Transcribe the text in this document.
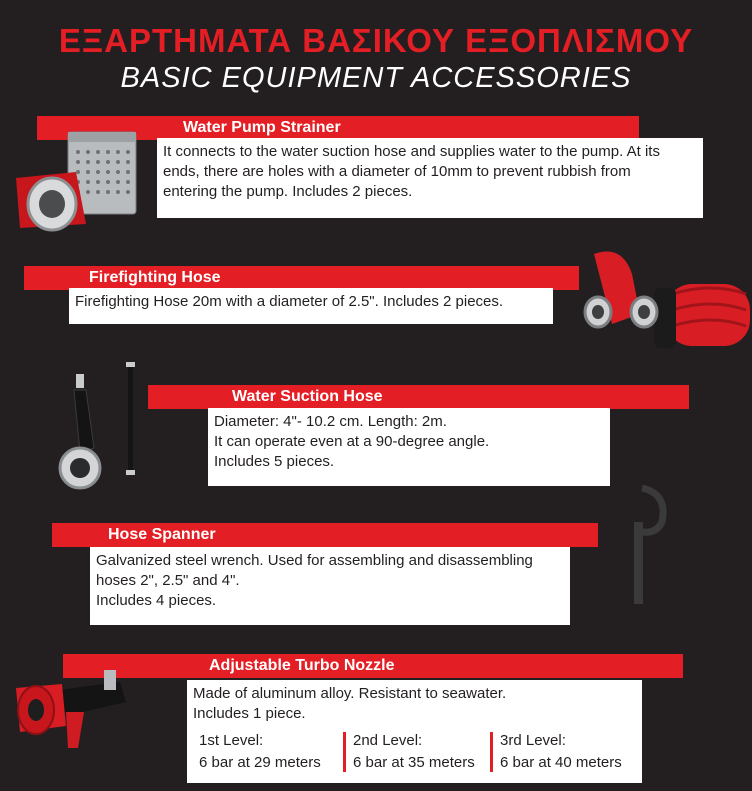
ΕΞΑΡΤΗΜΑΤΑ ΒΑΣΙΚΟΥ ΕΞΟΠΛΙΣΜΟΥ
BASIC EQUIPMENT ACCESSORIES
Water Pump Strainer
It connects to the water suction hose and supplies water to the pump. At its
ends, there are holes with a diameter of 10mm to prevent rubbish from
entering the pump. Includes 2 pieces.
Firefighting Hose
Firefighting Hose 20m with a diameter of 2.5". Includes 2 pieces.
Water Suction Hose
Diameter: 4"- 10.2 cm. Length: 2m.
It can operate even at a 90-degree angle.
Includes 5 pieces.
Hose Spanner
Galvanized steel wrench. Used for assembling and disassembling
hoses 2", 2.5" and 4".
Includes 4 pieces.
Adjustable Turbo Nozzle
Made of aluminum alloy. Resistant to seawater.
Includes 1 piece.
1st Level:
6 bar at 29 meters
2nd Level:
6 bar at 35 meters
3rd Level:
6 bar at 40 meters
